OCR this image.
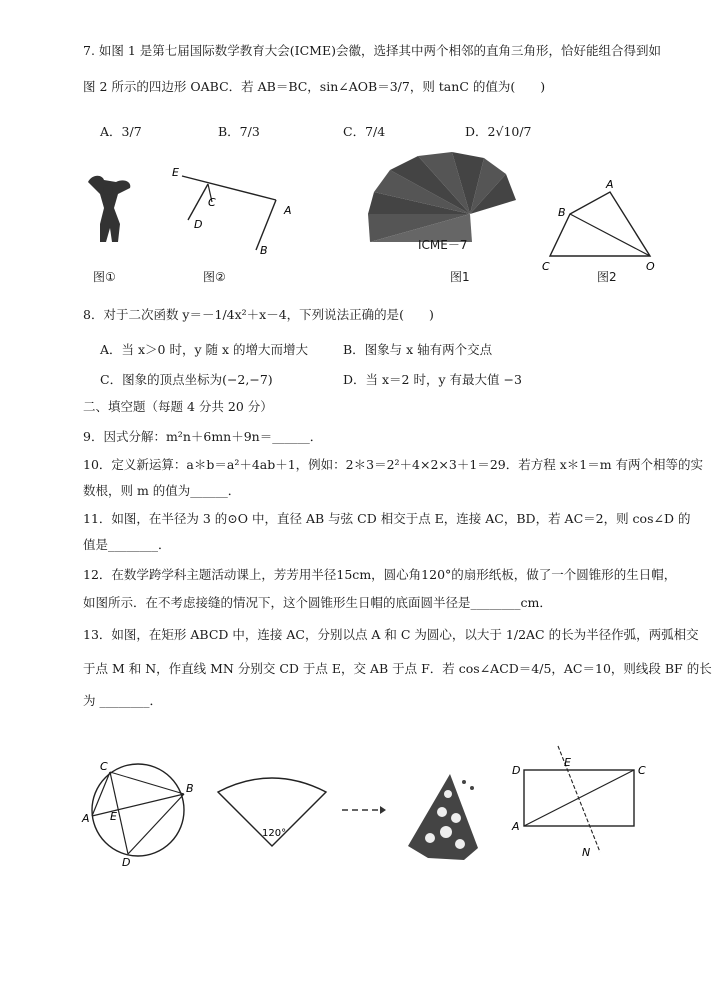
7. 如图 1 是第七届国际数学教育大会(ICME)会徽，选择其中两个相邻的直角三角形，恰好能组合得到如
图 2 所示的四边形 OABC．若 AB＝BC，sin∠AOB＝3/7，则 tanC 的值为(　　)
A．3/7	B．7/3	C．7/4	D．2√10/7
图①
E
C
D
A
B
图②
ICME－7
图1
A
B
C	O
图2
8．对于二次函数 y＝－1/4x²＋x－4，下列说法正确的是(　　)
A．当 x＞0 时，y 随 x 的增大而增大	B．图象与 x 轴有两个交点
C．图象的顶点坐标为(−2,−7)	D．当 x＝2 时，y 有最大值 −3
二、填空题（每题 4 分共 20 分）
9．因式分解：m²n＋6mn＋9n＝______．
10．定义新运算：a＊b＝a²＋4ab＋1，例如：2＊3＝2²＋4×2×3＋1＝29．若方程 x＊1＝m 有两个相等的实
数根，则 m 的值为______．
11．如图，在半径为 3 的⊙O 中，直径 AB 与弦 CD 相交于点 E，连接 AC，BD，若 AC＝2，则 cos∠D 的
值是________．
12．在数学跨学科主题活动课上，芳芳用半径15cm，圆心角120°的扇形纸板，做了一个圆锥形的生日帽，
如图所示．在不考虑接缝的情况下，这个圆锥形生日帽的底面圆半径是________cm．
13．如图，在矩形 ABCD 中，连接 AC，分别以点 A 和 C 为圆心，以大于 1/2AC 的长为半径作弧，两弧相交
于点 M 和 N，作直线 MN 分别交 CD 于点 E，交 AB 于点 F．若 cos∠ACD＝4/5，AC＝10，则线段 BF 的长
为 ________．
C
A E
B
D
120°
D
E
C
A
N
